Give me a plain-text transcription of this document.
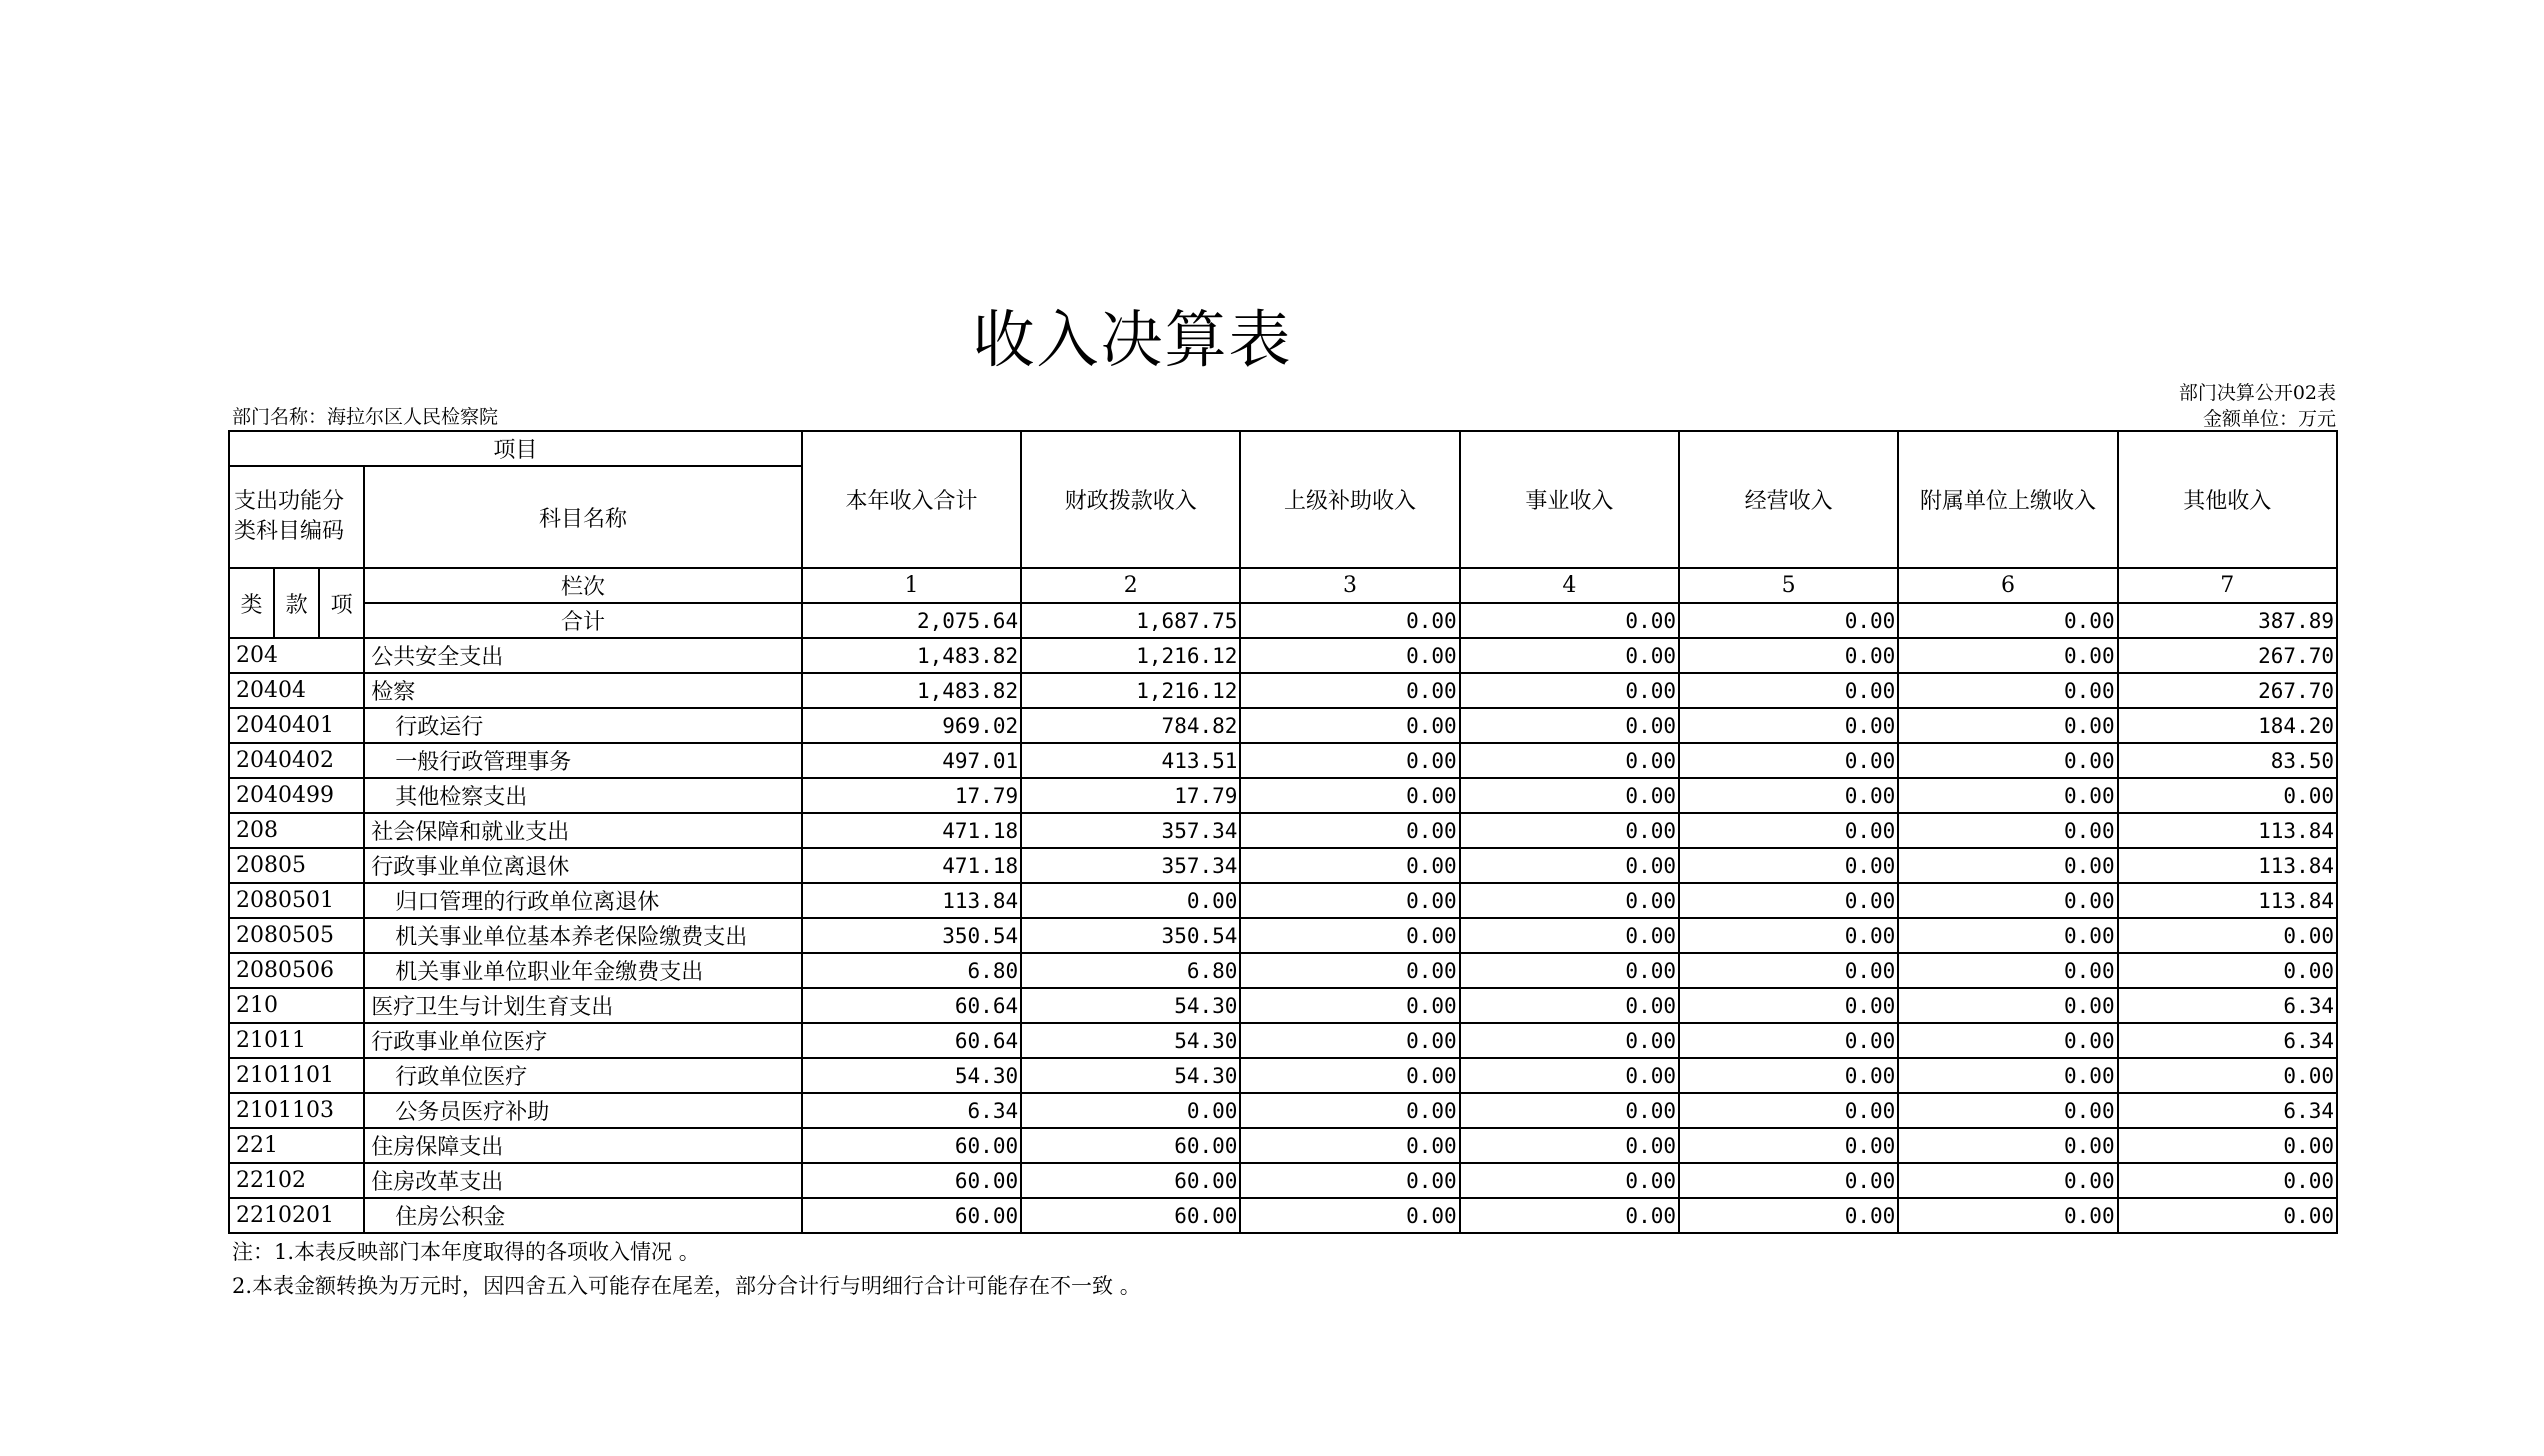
收入决算表
部门决算公开02表
金额单位：万元
部门名称：海拉尔区人民检察院
项目				本年收入合计	财政拨款收入	上级补助收入	事业收入	经营收入	附属单位上缴收入	其他收入
支出功能分类科目编码			科目名称							
类	款	项	栏次	1	2	3	4	5	6	7
			合计	2,075.64	1,687.75	0.00	0.00	0.00	0.00	387.89
204			公共安全支出	1,483.82	1,216.12	0.00	0.00	0.00	0.00	267.70
20404			检察	1,483.82	1,216.12	0.00	0.00	0.00	0.00	267.70
2040401			行政运行	969.02	784.82	0.00	0.00	0.00	0.00	184.20
2040402			一般行政管理事务	497.01	413.51	0.00	0.00	0.00	0.00	83.50
2040499			其他检察支出	17.79	17.79	0.00	0.00	0.00	0.00	0.00
208			社会保障和就业支出	471.18	357.34	0.00	0.00	0.00	0.00	113.84
20805			行政事业单位离退休	471.18	357.34	0.00	0.00	0.00	0.00	113.84
2080501			归口管理的行政单位离退休	113.84	0.00	0.00	0.00	0.00	0.00	113.84
2080505			机关事业单位基本养老保险缴费支出	350.54	350.54	0.00	0.00	0.00	0.00	0.00
2080506			机关事业单位职业年金缴费支出	6.80	6.80	0.00	0.00	0.00	0.00	0.00
210			医疗卫生与计划生育支出	60.64	54.30	0.00	0.00	0.00	0.00	6.34
21011			行政事业单位医疗	60.64	54.30	0.00	0.00	0.00	0.00	6.34
2101101			行政单位医疗	54.30	54.30	0.00	0.00	0.00	0.00	0.00
2101103			公务员医疗补助	6.34	0.00	0.00	0.00	0.00	0.00	6.34
221			住房保障支出	60.00	60.00	0.00	0.00	0.00	0.00	0.00
22102			住房改革支出	60.00	60.00	0.00	0.00	0.00	0.00	0.00
2210201			住房公积金	60.00	60.00	0.00	0.00	0.00	0.00	0.00
注：1.本表反映部门本年度取得的各项收入情况 。
2.本表金额转换为万元时，因四舍五入可能存在尾差，部分合计行与明细行合计可能存在不一致 。
